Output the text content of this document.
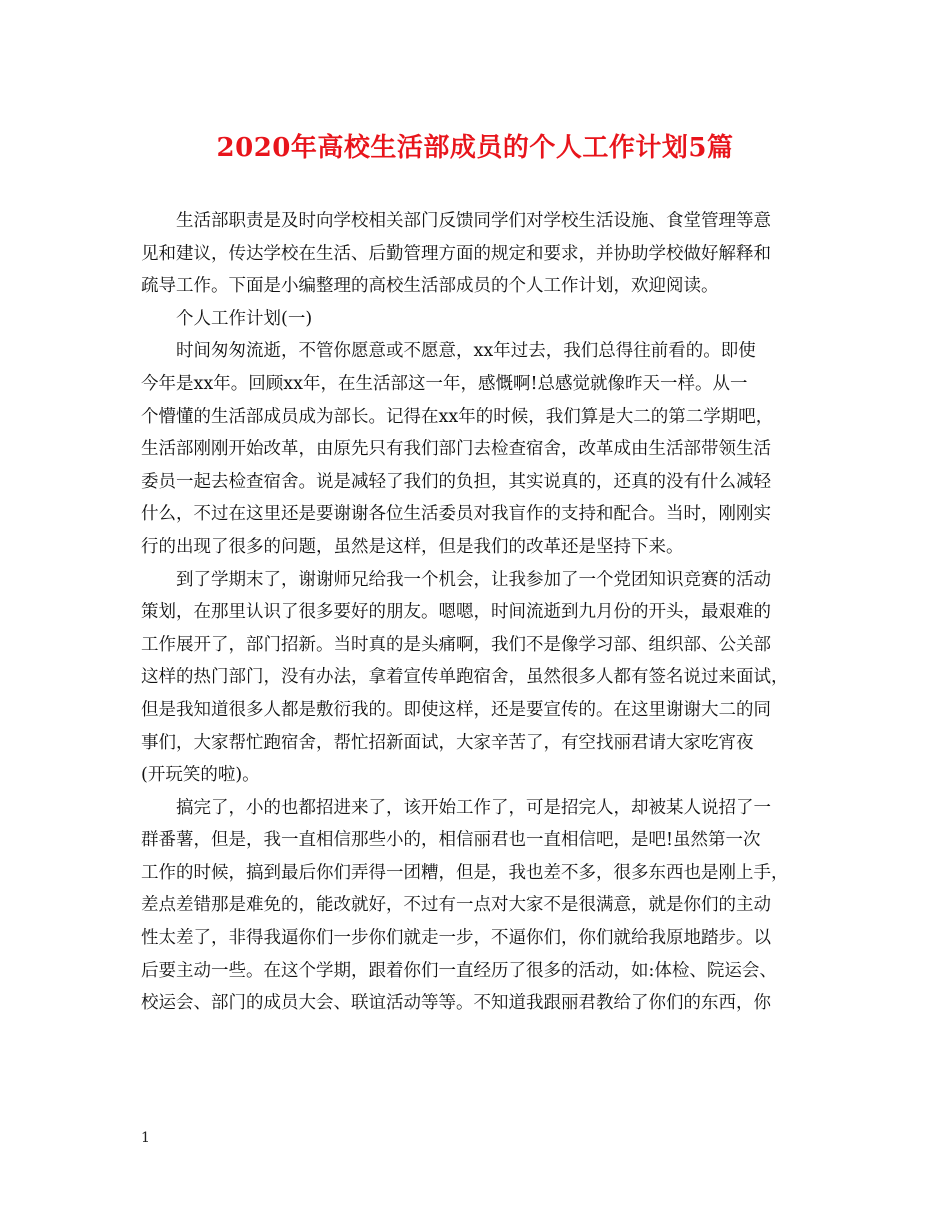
2020年高校生活部成员的个人工作计划5篇

生活部职责是及时向学校相关部门反馈同学们对学校生活设施、食堂管理等意
见和建议，传达学校在生活、后勤管理方面的规定和要求，并协助学校做好解释和
疏导工作。下面是小编整理的高校生活部成员的个人工作计划，欢迎阅读。

个人工作计划(一)

时间匆匆流逝，不管你愿意或不愿意，xx年过去，我们总得往前看的。即使
今年是xx年。回顾xx年，在生活部这一年，感慨啊!总感觉就像昨天一样。从一
个懵懂的生活部成员成为部长。记得在xx年的时候，我们算是大二的第二学期吧，
生活部刚刚开始改革，由原先只有我们部门去检查宿舍，改革成由生活部带领生活
委员一起去检查宿舍。说是减轻了我们的负担，其实说真的，还真的没有什么减轻
什么，不过在这里还是要谢谢各位生活委员对我盲作的支持和配合。当时，刚刚实
行的出现了很多的问题，虽然是这样，但是我们的改革还是坚持下来。

到了学期末了，谢谢师兄给我一个机会，让我参加了一个党团知识竞赛的活动
策划，在那里认识了很多要好的朋友。嗯嗯，时间流逝到九月份的开头，最艰难的
工作展开了，部门招新。当时真的是头痛啊，我们不是像学习部、组织部、公关部
这样的热门部门，没有办法，拿着宣传单跑宿舍，虽然很多人都有签名说过来面试，
但是我知道很多人都是敷衍我的。即使这样，还是要宣传的。在这里谢谢大二的同
事们，大家帮忙跑宿舍，帮忙招新面试，大家辛苦了，有空找丽君请大家吃宵夜
(开玩笑的啦)。

搞完了，小的也都招进来了，该开始工作了，可是招完人，却被某人说招了一
群番薯，但是，我一直相信那些小的，相信丽君也一直相信吧，是吧!虽然第一次
工作的时候，搞到最后你们弄得一团糟，但是，我也差不多，很多东西也是刚上手，
差点差错那是难免的，能改就好，不过有一点对大家不是很满意，就是你们的主动
性太差了，非得我逼你们一步你们就走一步，不逼你们，你们就给我原地踏步。以
后要主动一些。在这个学期，跟着你们一直经历了很多的活动，如:体检、院运会、
校运会、部门的成员大会、联谊活动等等。不知道我跟丽君教给了你们的东西，你

1
